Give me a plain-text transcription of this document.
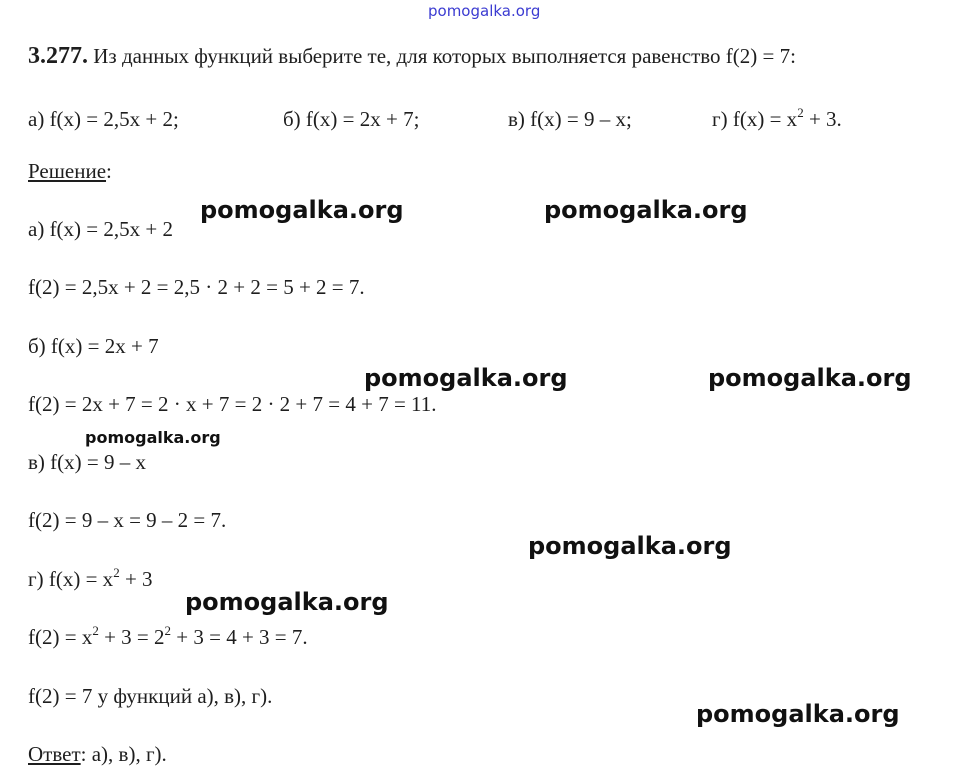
pomogalka.org
3.277. Из данных функций выберите те, для которых выполняется равенство f(2) = 7:
а) f(x) = 2,5x + 2;	б) f(x) = 2x + 7;	в) f(x) = 9 – x;	г) $f(x) = x^2 + 3$.
Решение:
а) f(x) = 2,5x + 2
f(2) = 2,5x + 2 = 2,5 · 2 + 2 = 5 + 2 = 7.
б) f(x) = 2x + 7
f(2) = 2x + 7 = 2 · x + 7 = 2 · 2 + 7 = 4 + 7 = 11.
в) f(x) = 9 – x
f(2) = 9 – x = 9 – 2 = 7.
г) $f(x) = x^2 + 3$
$f(2) = x^2 + 3 = 2^2 + 3 = 4 + 3 = 7$.
f(2) = 7 у функций а), в), г).
Ответ: а), в), г).
pomogalka.org	pomogalka.org
pomogalka.org	pomogalka.org
pomogalka.org
pomogalka.org
pomogalka.org
pomogalka.org
